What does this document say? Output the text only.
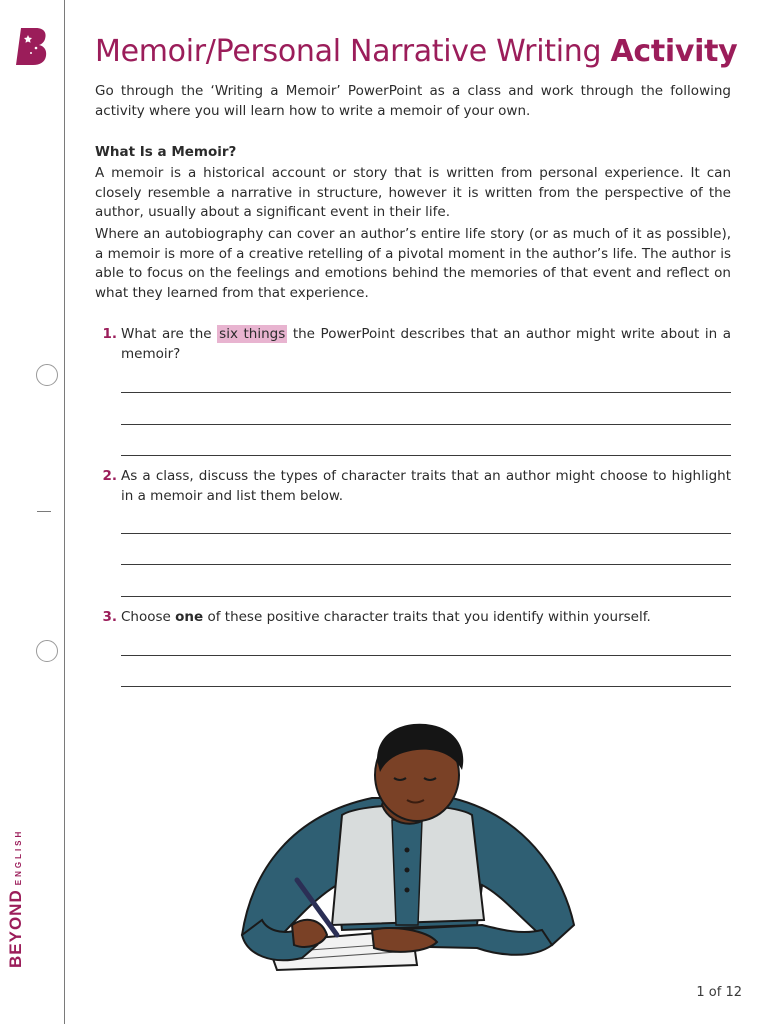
BEYOND
ENGLISH
Memoir/Personal Narrative Writing Activity

Go through the ‘Writing a Memoir’ PowerPoint as a class and work through the following activity where you will learn how to write a memoir of your own.

What Is a Memoir?

A memoir is a historical account or story that is written from personal experience. It can closely resemble a narrative in structure, however it is written from the perspective of the author, usually about a significant event in their life.

Where an autobiography can cover an author’s entire life story (or as much of it as possible), a memoir is more of a creative retelling of a pivotal moment in the author’s life. The author is able to focus on the feelings and emotions behind the memories of that event and reflect on what they learned from that experience.

1. What are the six things the PowerPoint describes that an author might write about in a memoir?
2. As a class, discuss the types of character traits that an author might choose to highlight in a memoir and list them below.
3. Choose one of these positive character traits that you identify within yourself.
1 of 12
